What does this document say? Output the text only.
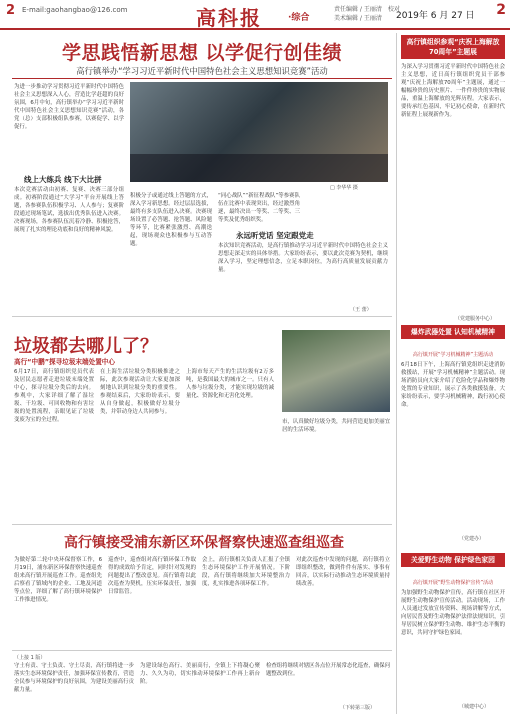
2 E-mail:gaohangbao@126.com	高科报	·综合
责任编辑 / 王丽清　校对
美术编辑 / 王丽清	2019年 6 月 27 日 2
学思践悟新思想 以学促行创佳绩
高行镇举办“学习习近平新时代中国特色社会主义思想知识竞赛”活动
为进一步推动学习贯彻习近平新时代中国特色社会主义思想深入人心，营造比学赶超的良好氛围，6月中旬，高行镇举办“学习习近平新时代中国特色社会主义思想知识竞赛”活动，各党（总）支部积极组队参赛，以赛促学、以学促行。
线上大练兵 线下大比拼
本次竞赛活动由初赛、复赛、决赛三部分组成。初赛阶段通过“大学习”平台开展线上答题，各参赛队伍积极学习、人人参与；复赛阶段通过现场笔试，选拔出优秀队伍进入决赛。决赛现场，各参赛队伍沉着冷静、积极抢答，展现了扎实的理论功底和良好的精神风貌。
□ 李华华 摄
积极分子或通过线上答题的方式，深入学习新思想。经过层层选拔，最终有多支队伍进入决赛。决赛现场设置了必答题、抢答题、风险题等环节，比赛紧张激烈、高潮迭起，现场观众也积极参与互动答题。
“同心战队”“新征程战队”等参赛队伍在比赛中表现突出，经过激烈角逐，最终决出一等奖、二等奖、三等奖及优秀组织奖。
永远听党话 坚定跟党走
本次知识竞赛活动，是高行镇推动学习习近平新时代中国特色社会主义思想走深走实的具体举措。大家纷纷表示，要以此次竞赛为契机，继续深入学习，坚定理想信念，立足本职岗位，为高行高质量发展贡献力量。
（王 蕾）
垃圾都去哪儿了？
高行“中鹏”探寻垃圾末端处置中心
6月17日，高行镇组织党员代表及居民志愿者走进垃圾末端处置中心，探寻垃圾分类后的去向。参观中，大家详细了解了湿垃圾、干垃圾、可回收物和有害垃圾的处置流程，亲眼见证了垃圾变废为宝的全过程。
在上海生活垃圾分类积极推进之际，此次参观活动让大家更加深刻地认识到垃圾分类的重要性。参观结束后，大家纷纷表示，要从自身做起，积极做好垃圾分类，并带动身边人共同参与。
上海市每天产生的生活垃圾有2万多吨，是我国最大的城市之一。只有人人参与垃圾分类，才能实现垃圾的减量化、资源化和无害化处理。
市，认真做好垃圾分类，共同营造更加美丽宜居的生活环境。
高行镇接受浦东新区环保督察快速巡查组巡查
为做好第二轮中央环保督察工作，6月19日，浦东新区环保督察快速巡查组来高行镇开展巡查工作。巡查组先后察看了镇域内的企业、工地及河道等点位，详细了解了高行镇环境保护工作推进情况。
巡查中，巡查组对高行镇环保工作取得的成效给予肯定，同时针对发现的问题提出了整改意见。高行镇将以此次巡查为契机，压实环保责任，加强日常监管。
会上，高行镇相关负责人汇报了全镇生态环境保护工作开展情况。下阶段，高行镇将继续加大环境整治力度，扎实推进各项环保工作。
对此次巡查中发现的问题，高行镇将立即组织整改，做到件件有落实、事事有回音，以实际行动推动生态环境质量持续改善。
（上接 1 版）
守土有责、守土负责、守土尽责，高行镇将进一步落实生态环境保护责任，加强环保宣传教育，营造全民参与环境保护的良好氛围，为建设美丽高行贡献力量。
为建设绿色高行、美丽高行，全镇上下将凝心聚力、久久为功，切实推动环境保护工作再上新台阶。
检查组将继续对辖区各点位开展常态化巡查，确保问题整改到位。
（下转第三版）
高行镇组织参观“庆祝上海解放70周年”主题展
为深入学习贯彻习近平新时代中国特色社会主义思想，近日高行镇组织党员干部参观“庆祝上海解放70周年”主题展，通过一幅幅珍贵的历史照片、一件件珍贵的实物展品，重温上海解放的光辉历程。大家表示，要传承红色基因，牢记初心使命，在新时代新征程上展现新作为。
（党建服务中心）
爆炸武器处置 认知机械精神
高行镇开展“学习机械精神”主题活动
6月18日下午，上海高行镇党组织走进消防救援站，开展“学习机械精神”主题活动。现场消防员向大家介绍了危险化学品和爆炸物处置的专业知识，展示了各类救援装备，大家纷纷表示，要学习机械精神，践行初心使命。
（党建办）
关爱野生动物 保护绿色家园
高行镇开展“野生动物保护宣传”活动
为加强野生动物保护宣传，高行镇在社区开展野生动物保护宣传活动。活动现场，工作人员通过发放宣传资料、现场讲解等方式，向居民普及野生动物保护法律法规知识，引导居民树立保护野生动物、维护生态平衡的意识，共同守护绿色家园。
（城建中心）
